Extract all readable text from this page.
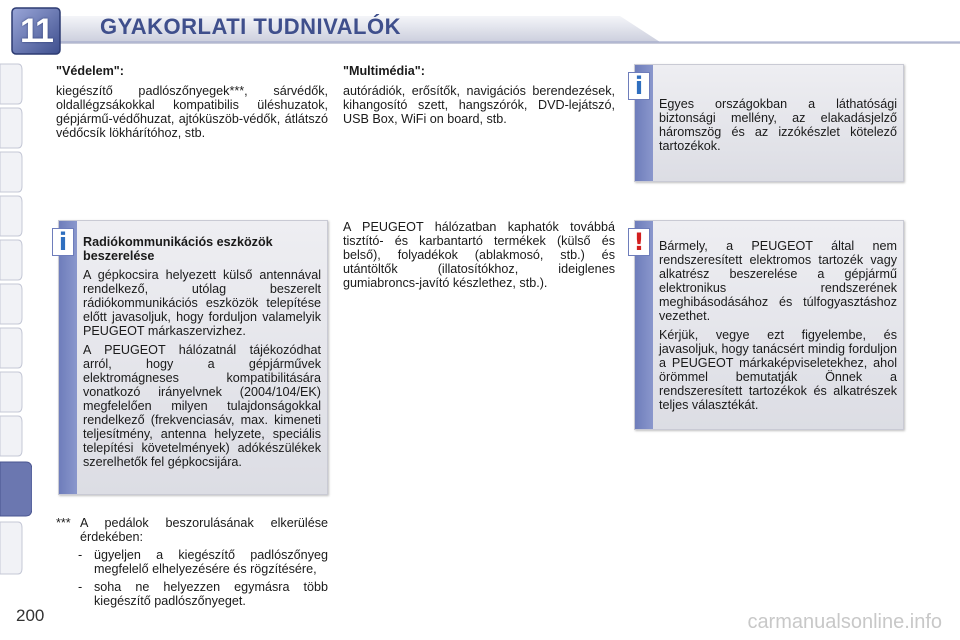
11	GYAKORLATI TUDNIVALÓK

"Védelem":

kiegészítő padlószőnyegek***, sárvédők, oldallégzsákokkal kompatibilis üléshuzatok, gépjármű-védőhuzat, ajtóküszöb-védők, átlátszó védőcsík lökhárítóhoz, stb.

Radiókommunikációs eszközök beszerelése

A gépkocsira helyezett külső antennával rendelkező, utólag beszerelt rádiókommunikációs eszközök telepítése előtt javasoljuk, hogy forduljon valamelyik PEUGEOT márkaszervizhez.

A PEUGEOT hálózatnál tájékozódhat arról, hogy a gépjárművek elektromágneses kompatibilitására vonatkozó irányelvnek (2004/104/EK) megfelelően milyen tulajdonságokkal rendelkező (frekvenciasáv, max. kimeneti teljesítmény, antenna helyzete, speciális telepítési követelmények) adókészülékek szerelhetők fel gépkocsijára.

i
*** A pedálok beszorulásának elkerülése érdekében:
- ügyeljen a kiegészítő padlószőnyeg megfelelő elhelyezésére és rögzítésére,
- soha ne helyezzen egymásra több kiegészítő padlószőnyeget.

"Multimédia":

autórádiók, erősítők, navigációs berendezések, kihangosító szett, hangszórók, DVD-lejátszó, USB Box, WiFi on board, stb.

A PEUGEOT hálózatban kaphatók továbbá tisztító- és karbantartó termékek (külső és belső), folyadékok (ablakmosó, stb.) és utántöltők (illatosítókhoz, ideiglenes gumiabroncs-javító készlethez, stb.).

Egyes országokban a láthatósági biztonsági mellény, az elakadásjelző háromszög és az izzókészlet kötelező tartozékok.

i

Bármely, a PEUGEOT által nem rendszeresített elektromos tartozék vagy alkatrész beszerelése a gépjármű elektronikus rendszerének meghibásodásához és túlfogyasztáshoz vezethet.

Kérjük, vegye ezt figyelembe, és javasoljuk, hogy tanácsért mindig forduljon a PEUGEOT márkaképviseletekhez, ahol örömmel bemutatják Önnek a rendszeresített tartozékok és alkatrészek teljes választékát.

!
200	carmanualsonline.info
